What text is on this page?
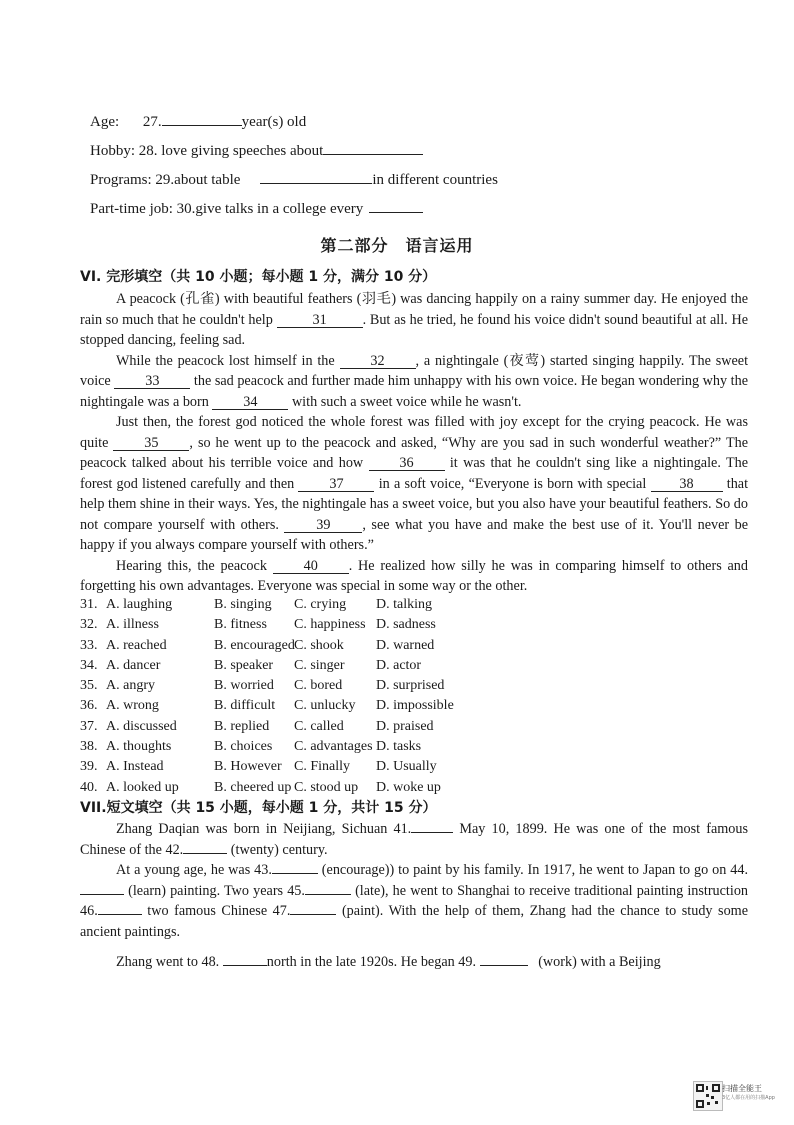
Age: 27.	year(s) old
Hobby: 28. love giving speeches about
Programs: 29.about table	in different countries
Part-time job: 30.give talks in a college every
第二部分　语言运用
VI. 完形填空（共 10 小题；每小题 1 分，满分 10 分）

A peacock (孔雀) with beautiful feathers (羽毛) was dancing happily on a rainy summer day. He enjoyed the rain so much that he couldn't help	31	. But as he tried, he found his voice didn't sound beautiful at all. He stopped dancing, feeling sad.

While the peacock lost himself in the	32 , a nightingale (夜莺) started singing happily. The sweet voice 33 the sad peacock and further made him unhappy with his own voice. He began wondering why the nightingale was a born 34 with such a sweet voice while he wasn't.

Just then, the forest god noticed the whole forest was filled with joy except for the crying peacock. He was quite	35 , so he went up to the peacock and asked, “Why are you sad in such wonderful weather?” The peacock talked about his terrible voice and how	36	it was that he couldn't sing like a nightingale. The forest god listened carefully and then 37 in a soft voice, “Everyone is born with special 38 that help them shine in their ways. Yes, the nightingale has a sweet voice, but you also have your beautiful feathers. So do not compare yourself with others.	39 , see what you have and make the best use of it. You'll never be happy if you always compare yourself with others.”

Hearing this, the peacock	40 . He realized how silly he was in comparing himself to others and forgetting his own advantages. Everyone was special in some way or the other.

31. A. laughing	B. singing	C. crying	D. talking
32. A. illness	B. fitness	C. happiness D. sadness
33. A. reached	B. encouraged C. shook	D. warned
34. A. dancer	B. speaker	C. singer	D. actor
35. A. angry	B. worried	C. bored	D. surprised
36. A. wrong	B. difficult	C. unlucky	D. impossible
37. A. discussed	B. replied	C. called	D. praised
38. A. thoughts	B. choices	C. advantages D. tasks
39. A. Instead	B. However C. Finally	D. Usually
40. A. looked up	B. cheered up C. stood up	D. woke up
VII.短文填空（共 15 小题，每小题 1 分，共计 15 分）

Zhang Daqian was born in Neijiang, Sichuan 41.	May 10, 1899. He was one of the most famous Chinese of the 42.	(twenty) century.

At a young age, he was 43.	(encourage)) to paint by his family. In 1917, he went to Japan to go on 44. (learn) painting. Two years 45.	(late), he went to Shanghai to receive traditional painting instruction 46.	two famous Chinese 47.	(paint). With the help of them, Zhang had the chance to study some ancient paintings.

Zhang went to 48.	north in the late 1920s. He began 49.	(work) with a Beijing

扫描全能王
3亿人都在用的扫描App
